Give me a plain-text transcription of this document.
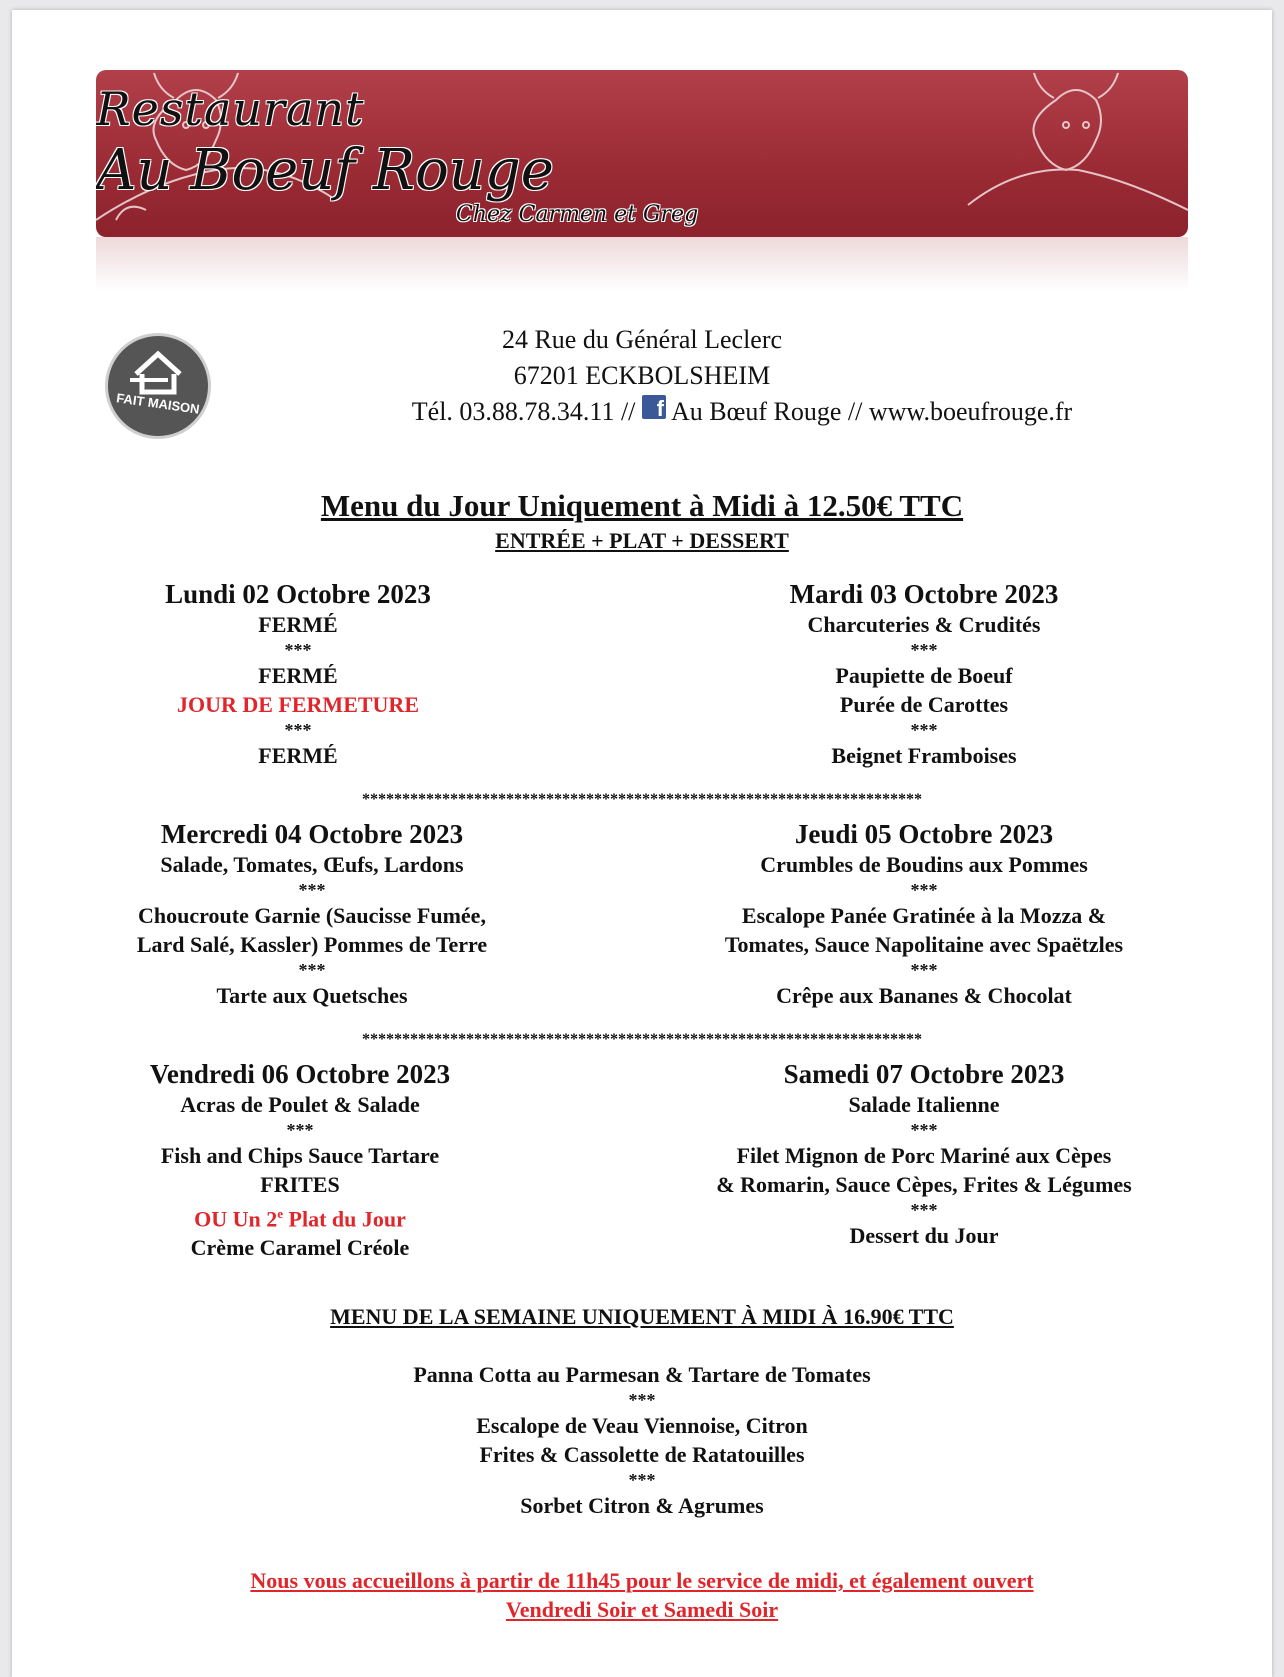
Restaurant
Au Boeuf Rouge
Chez Carmen et Greg
FAIT MAISON
24 Rue du Général Leclerc
67201 ECKBOLSHEIM
Tél. 03.88.78.34.11 // f Au Bœuf Rouge // www.boeufrouge.fr
Menu du Jour Uniquement à Midi à 12.50€ TTC
ENTRÉE + PLAT + DESSERT
Lundi 02 Octobre 2023
FERMÉ
***
FERMÉ
JOUR DE FERMETURE
***
FERMÉ
Mardi 03 Octobre 2023
Charcuteries & Crudités
***
Paupiette de Boeuf
Purée de Carottes
***
Beignet Framboises
**********************************************************************
Mercredi 04 Octobre 2023
Salade, Tomates, Œufs, Lardons
***
Choucroute Garnie (Saucisse Fumée,
Lard Salé, Kassler) Pommes de Terre
***
Tarte aux Quetsches
Jeudi 05 Octobre 2023
Crumbles de Boudins aux Pommes
***
Escalope Panée Gratinée à la Mozza &
Tomates, Sauce Napolitaine avec Spaëtzles
***
Crêpe aux Bananes & Chocolat
**********************************************************************
Vendredi 06 Octobre 2023
Acras de Poulet & Salade
***
Fish and Chips Sauce Tartare
FRITES
OU Un 2e Plat du Jour
Crème Caramel Créole
Samedi 07 Octobre 2023
Salade Italienne
***
Filet Mignon de Porc Mariné aux Cèpes
& Romarin, Sauce Cèpes, Frites & Légumes
***
Dessert du Jour
MENU DE LA SEMAINE UNIQUEMENT À MIDI À 16.90€ TTC
Panna Cotta au Parmesan & Tartare de Tomates
***
Escalope de Veau Viennoise, Citron
Frites & Cassolette de Ratatouilles
***
Sorbet Citron & Agrumes
Nous vous accueillons à partir de 11h45 pour le service de midi, et également ouvert
Vendredi Soir et Samedi Soir
